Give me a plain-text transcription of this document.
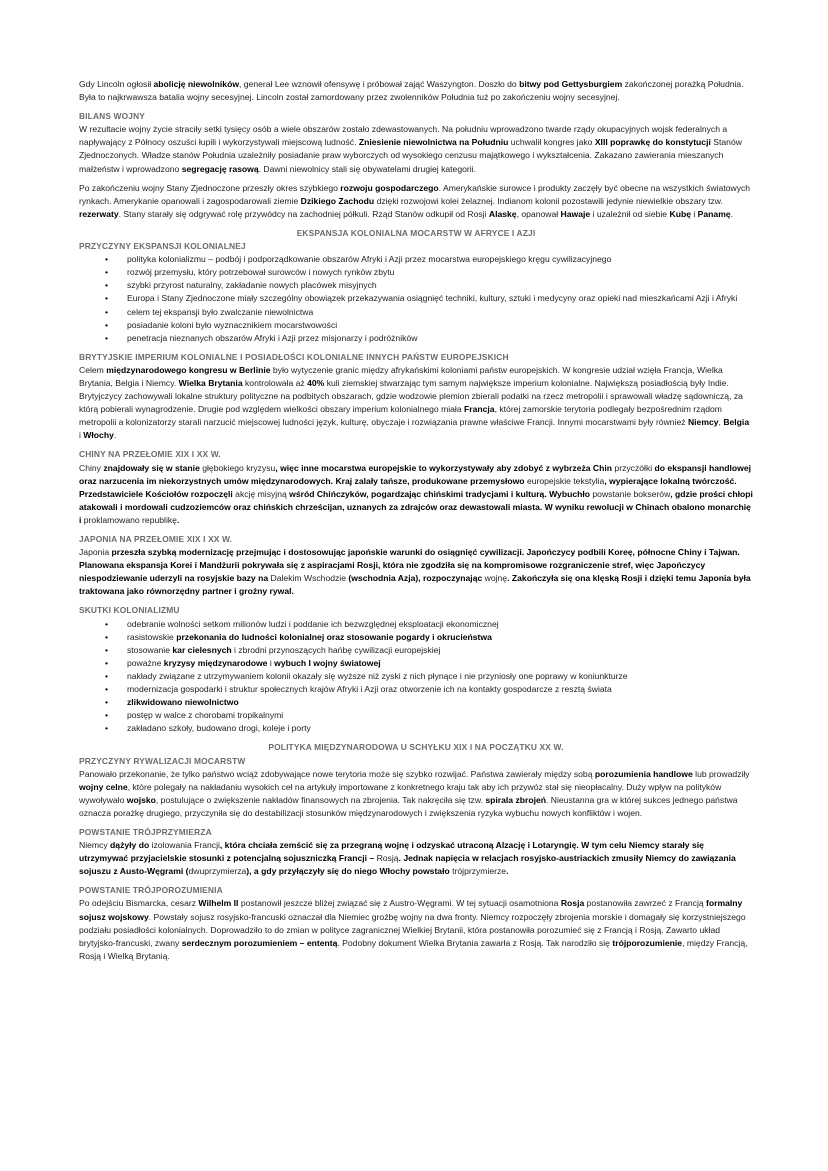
Gdy Lincoln ogłosił abolicję niewolników, generał Lee wznowił ofensywę i próbował zająć Waszyngton. Doszło do bitwy pod Gettysburgiem zakończonej porażką Południa. Była to najkrwawsza batalia wojny secesyjnej. Lincoln został zamordowany przez zwolenników Południa tuż po zakończeniu wojny secesyjnej.
BILANS WOJNY
W rezultacie wojny życie straciły setki tysięcy osób a wiele obszarów zostało zdewastowanych. Na południu wprowadzono twarde rządy okupacyjnych wojsk federalnych a napływający z Północy oszuści łupili i wykorzystywali miejscową ludność. Zniesienie niewolnictwa na Południu uchwalił kongres jako XIII poprawkę do konstytucji Stanów Zjednoczonych. Władze stanów Południa uzależniły posiadanie praw wyborczych od wysokiego cenzusu majątkowego i wykształcenia. Zakazano zawierania mieszanych małżeństw i wprowadzono segregację rasową. Dawni niewolnicy stali się obywatelami drugiej kategorii.
Po zakończeniu wojny Stany Zjednoczone przeszły okres szybkiego rozwoju gospodarczego. Amerykańskie surowce i produkty zaczęły być obecne na wszystkich światowych rynkach. Amerykanie opanowali i zagospodarowali ziemie Dzikiego Zachodu dzięki rozwojowi kolei żelaznej. Indianom kolonii pozostawili jedynie niewielkie obszary tzw. rezerwaty. Stany starały się odgrywać rolę przywódcy na zachodniej półkuli. Rząd Stanów odkupił od Rosji Alaskę, opanował Hawaje i uzależnił od siebie Kubę i Panamę.
EKSPANSJA KOLONIALNA MOCARSTW W AFRYCE I AZJI
PRZYCZYNY EKSPANSJI KOLONIALNEJ
• polityka kolonializmu – podbój i podporządkowanie obszarów Afryki i Azji przez mocarstwa europejskiego kręgu cywilizacyjnego
• rozwój przemysłu, który potrzebował surowców i nowych rynków zbytu
• szybki przyrost naturalny, zakładanie nowych placówek misyjnych
• Europa i Stany Zjednoczone miały szczególny obowiązek przekazywania osiągnięć techniki, kultury, sztuki i medycyny oraz opieki nad mieszkańcami Azji i Afryki
• celem tej ekspansji było zwalczanie niewolnictwa
• posiadanie koloni było wyznacznikiem mocarstwowości
• penetracja nieznanych obszarów Afryki i Azji przez misjonarzy i podróżników
BRYTYJSKIE IMPERIUM KOLONIALNE I POSIADŁOŚCI KOLONIALNE INNYCH PAŃSTW EUROPEJSKICH
Celem międzynarodowego kongresu w Berlinie było wytyczenie granic między afrykańskimi koloniami państw europejskich. W kongresie udział wzięła Francja, Wielka Brytania, Belgia i Niemcy. Wielka Brytania kontrolowała aż 40% kuli ziemskiej stwarzając tym samym największe imperium kolonialne. Największą posiadłością były Indie. Brytyjczycy zachowywali lokalne struktury polityczne na podbitych obszarach, gdzie wodzowie plemion zbierali podatki na rzecz metropolii i sprawowali władzę sądowniczą, za którą pobierali wynagrodzenie. Drugie pod względem wielkości obszary imperium kolonialnego miała Francja, której zamorskie terytoria podlegały bezpośrednim rządom metropolii a kolonizatorzy starali narzucić miejscowej ludności język, kulturę, obyczaje i rozwiązania prawne właściwe Francji. Innymi mocarstwami były również Niemcy, Belgia i Włochy.
CHINY NA PRZEŁOMIE XIX I XX W.
Chiny znajdowały się w stanie głębokiego kryzysu, więc inne mocarstwa europejskie to wykorzystywały aby zdobyć z wybrzeża Chin przyczółki do ekspansji handlowej oraz narzucenia im niekorzystnych umów międzynarodowych. Kraj zalały tańsze, produkowane przemysłowo europejskie tekstylia, wypierające lokalną twórczość. Przedstawiciele Kościołów rozpoczęli akcję misyjną wśród Chińczyków, pogardzając chińskimi tradycjami i kulturą. Wybuchło powstanie bokserów, gdzie prości chłopi atakowali i mordowali cudzoziemców oraz chińskich chrześcijan, uznanych za zdrajców oraz dewastowali miasta. W wyniku rewolucji w Chinach obalono monarchię i proklamowano republikę.
JAPONIA NA PRZEŁOMIE XIX I XX W.
Japonia przeszła szybką modernizację przejmując i dostosowując japońskie warunki do osiągnięć cywilizacji. Japończycy podbili Koreę, północne Chiny i Tajwan. Planowana ekspansja Korei i Mandżurii pokrywała się z aspiracjami Rosji, która nie zgodziła się na kompromisowe rozgraniczenie stref, więc Japończycy niespodziewanie uderzyli na rosyjskie bazy na Dalekim Wschodzie (wschodnia Azja), rozpoczynając wojnę. Zakończyła się ona klęską Rosji i dzięki temu Japonia była traktowana jako równorzędny partner i groźny rywal.
SKUTKI KOLONIALIZMU
• odebranie wolności setkom milionów ludzi i poddanie ich bezwzględnej eksploatacji ekonomicznej
• rasistowskie przekonania do ludności kolonialnej oraz stosowanie pogardy i okrucieństwa
• stosowanie kar cielesnych i zbrodni przynoszących hańbę cywilizacji europejskiej
• poważne kryzysy międzynarodowe i wybuch I wojny światowej
• nakłady związane z utrzymywaniem kolonii okazały się wyższe niż zyski z nich płynące i nie przyniosły one poprawy w koniunkturze
• modernizacja gospodarki i struktur społecznych krajów Afryki i Azji oraz otworzenie ich na kontakty gospodarcze z resztą świata
• zlikwidowano niewolnictwo
• postęp w walce z chorobami tropikalnymi
• zakładano szkoły, budowano drogi, koleje i porty
POLITYKA MIĘDZYNARODOWA U SCHYŁKU XIX I NA POCZĄTKU XX W.
PRZYCZYNY RYWALIZACJI MOCARSTW
Panowało przekonanie, że tylko państwo wciąż zdobywające nowe terytoria może się szybko rozwijać. Państwa zawierały między sobą porozumienia handlowe lub prowadziły wojny celne, które polegały na nakładaniu wysokich ceł na artykuły importowane z konkretnego kraju tak aby ich przywóz stał się nieopłacalny. Duży wpływ na polityków wywoływało wojsko, postulujące o zwiększenie nakładów finansowych na zbrojenia. Tak nakręciła się tzw. spirala zbrojeń. Nieustanna gra w której sukces jednego państwa oznacza porażkę drugiego, przyczyniła się do destabilizacji stosunków międzynarodowych i zwiększenia ryzyka wybuchu nowych konfliktów i wojen.
POWSTANIE TRÓJPRZYMIERZA
Niemcy dążyły do izolowania Francji, która chciała zemścić się za przegraną wojnę i odzyskać utraconą Alzację i Lotaryngię. W tym celu Niemcy starały się utrzymywać przyjacielskie stosunki z potencjalną sojuszniczką Francji – Rosją. Jednak napięcia w relacjach rosyjsko-austriackich zmusiły Niemcy do zawiązania sojuszu z Austo-Węgrami (dwuprzymierza), a gdy przyłączyły się do niego Włochy powstało trójprzymierze.
POWSTANIE TRÓJPOROZUMIENIA
Po odejściu Bismarcka, cesarz Wilhelm II postanowił jeszcze bliżej związać się z Austro-Węgrami. W tej sytuacji osamotniona Rosja postanowiła zawrzeć z Francją formalny sojusz wojskowy. Powstały sojusz rosyjsko-francuski oznaczał dla Niemiec groźbę wojny na dwa fronty. Niemcy rozpoczęły zbrojenia morskie i domagały się korzystniejszego podziału posiadłości kolonialnych. Doprowadziło to do zmian w polityce zagranicznej Wielkiej Brytanii, która postanowiła porozumieć się z Francją i Rosją. Zawarto układ brytyjsko-francuski, zwany serdecznym porozumieniem – ententą. Podobny dokument Wielka Brytania zawarła z Rosją. Tak narodziło się trójporozumienie, między Francją, Rosją i Wielką Brytanią.
